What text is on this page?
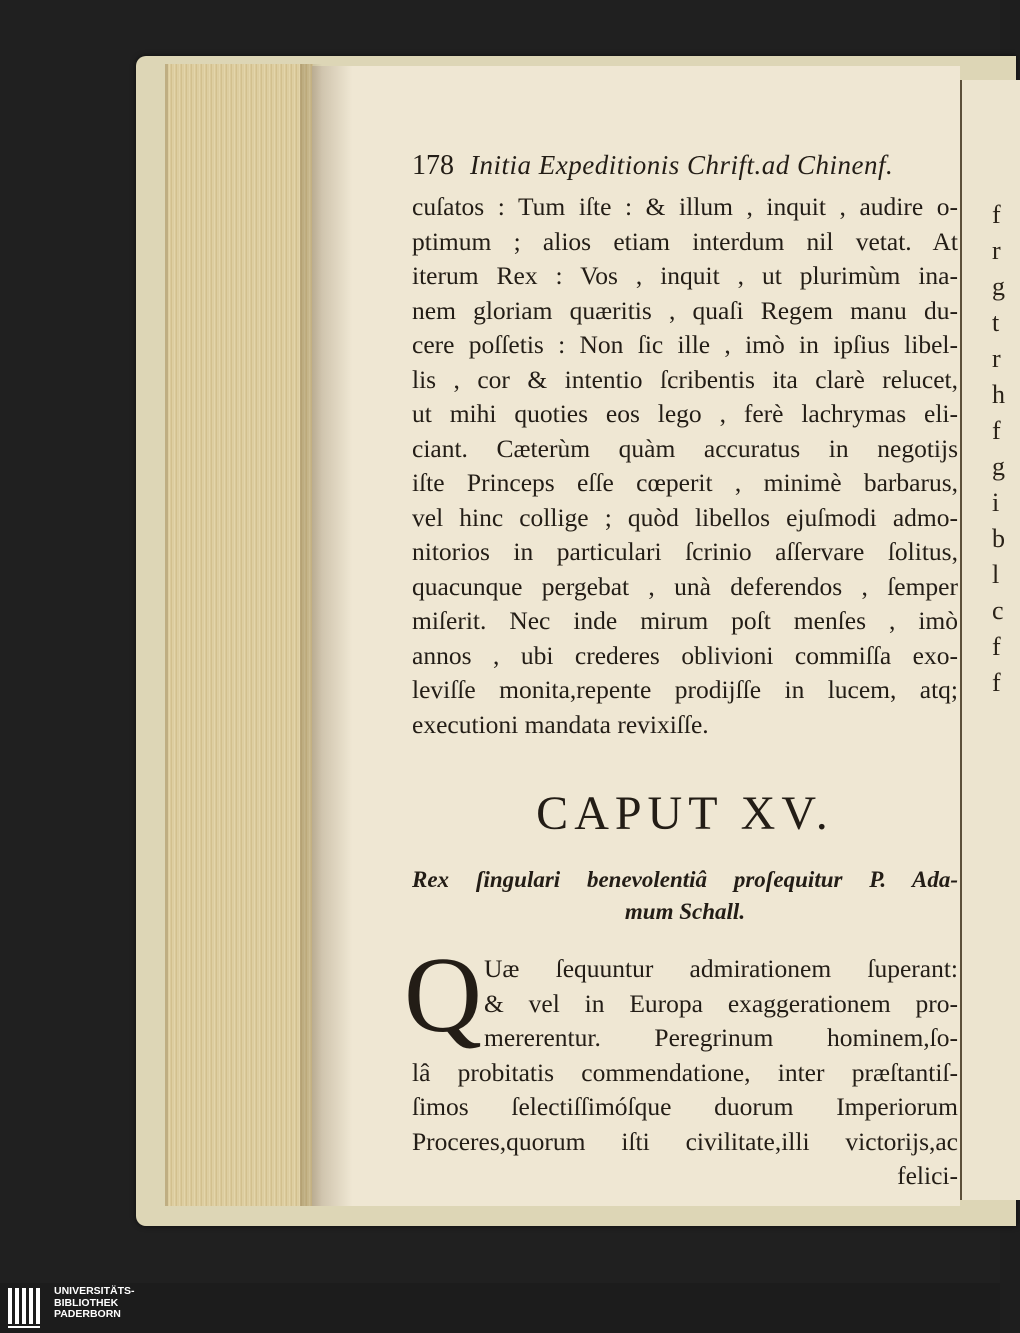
f
r
g
t
r
h
f
g
i
b
l
c
f
f
178 Initia Expeditionis Chrift.ad Chinenf.
cuſatos : Tum iſte : & illum , inquit , audire o-
ptimum ; alios etiam interdum nil vetat. At
iterum Rex : Vos , inquit , ut plurimùm ina-
nem gloriam quæritis , quaſi Regem manu du-
cere poſſetis : Non ſic ille , imò in ipſius libel-
lis , cor & intentio ſcribentis ita clarè relucet,
ut mihi quoties eos lego , ferè lachrymas eli-
ciant. Cæterùm quàm accuratus in negotijs
iſte Princeps eſſe cœperit , minimè barbarus,
vel hinc collige ; quòd libellos ejuſmodi admo-
nitorios in particulari ſcrinio aſſervare ſolitus,
quacunque pergebat , unà deferendos , ſemper
miſerit. Nec inde mirum poſt menſes , imò
annos , ubi crederes oblivioni commiſſa exo-
leviſſe monita,repente prodijſſe in lucem, atq;
executioni mandata revixiſſe.
CAPUT XV.
Rex ſingulari benevolentiâ proſequitur P. Ada-
mum Schall.
Q Uæ ſequuntur admirationem ſuperant:
& vel in Europa exaggerationem pro-
mererentur. Peregrinum hominem,ſo-
lâ probitatis commendatione, inter præſtantiſ-
ſimos ſelectiſſimóſque duorum Imperiorum
Proceres,quorum iſti civilitate,illi victorijs,ac
felici-
UNIVERSITÄTS-
BIBLIOTHEK
PADERBORN
